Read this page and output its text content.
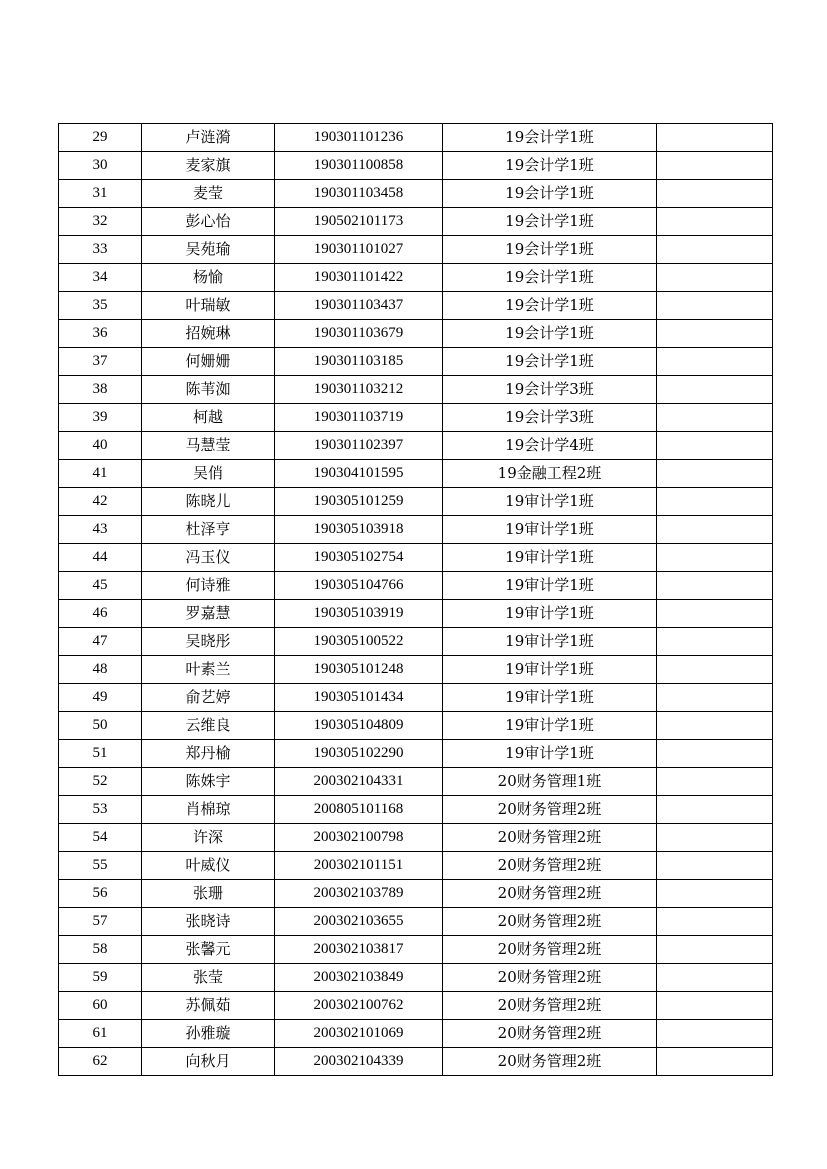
29	卢涟漪	190301101236	19会计学1班	
30	麦家旗	190301100858	19会计学1班	
31	麦莹	190301103458	19会计学1班	
32	彭心怡	190502101173	19会计学1班	
33	吴苑瑜	190301101027	19会计学1班	
34	杨愉	190301101422	19会计学1班	
35	叶瑞敏	190301103437	19会计学1班	
36	招婉琳	190301103679	19会计学1班	
37	何姗姗	190301103185	19会计学1班	
38	陈苇洳	190301103212	19会计学3班	
39	柯越	190301103719	19会计学3班	
40	马慧莹	190301102397	19会计学4班	
41	吴俏	190304101595	19金融工程2班	
42	陈晓儿	190305101259	19审计学1班	
43	杜泽亨	190305103918	19审计学1班	
44	冯玉仪	190305102754	19审计学1班	
45	何诗雅	190305104766	19审计学1班	
46	罗嘉慧	190305103919	19审计学1班	
47	吴晓彤	190305100522	19审计学1班	
48	叶素兰	190305101248	19审计学1班	
49	俞艺婷	190305101434	19审计学1班	
50	云维良	190305104809	19审计学1班	
51	郑丹榆	190305102290	19审计学1班	
52	陈姝宇	200302104331	20财务管理1班	
53	肖棉琼	200805101168	20财务管理2班	
54	许深	200302100798	20财务管理2班	
55	叶威仪	200302101151	20财务管理2班	
56	张珊	200302103789	20财务管理2班	
57	张晓诗	200302103655	20财务管理2班	
58	张馨元	200302103817	20财务管理2班	
59	张莹	200302103849	20财务管理2班	
60	苏佩茹	200302100762	20财务管理2班	
61	孙雅璇	200302101069	20财务管理2班	
62	向秋月	200302104339	20财务管理2班	
